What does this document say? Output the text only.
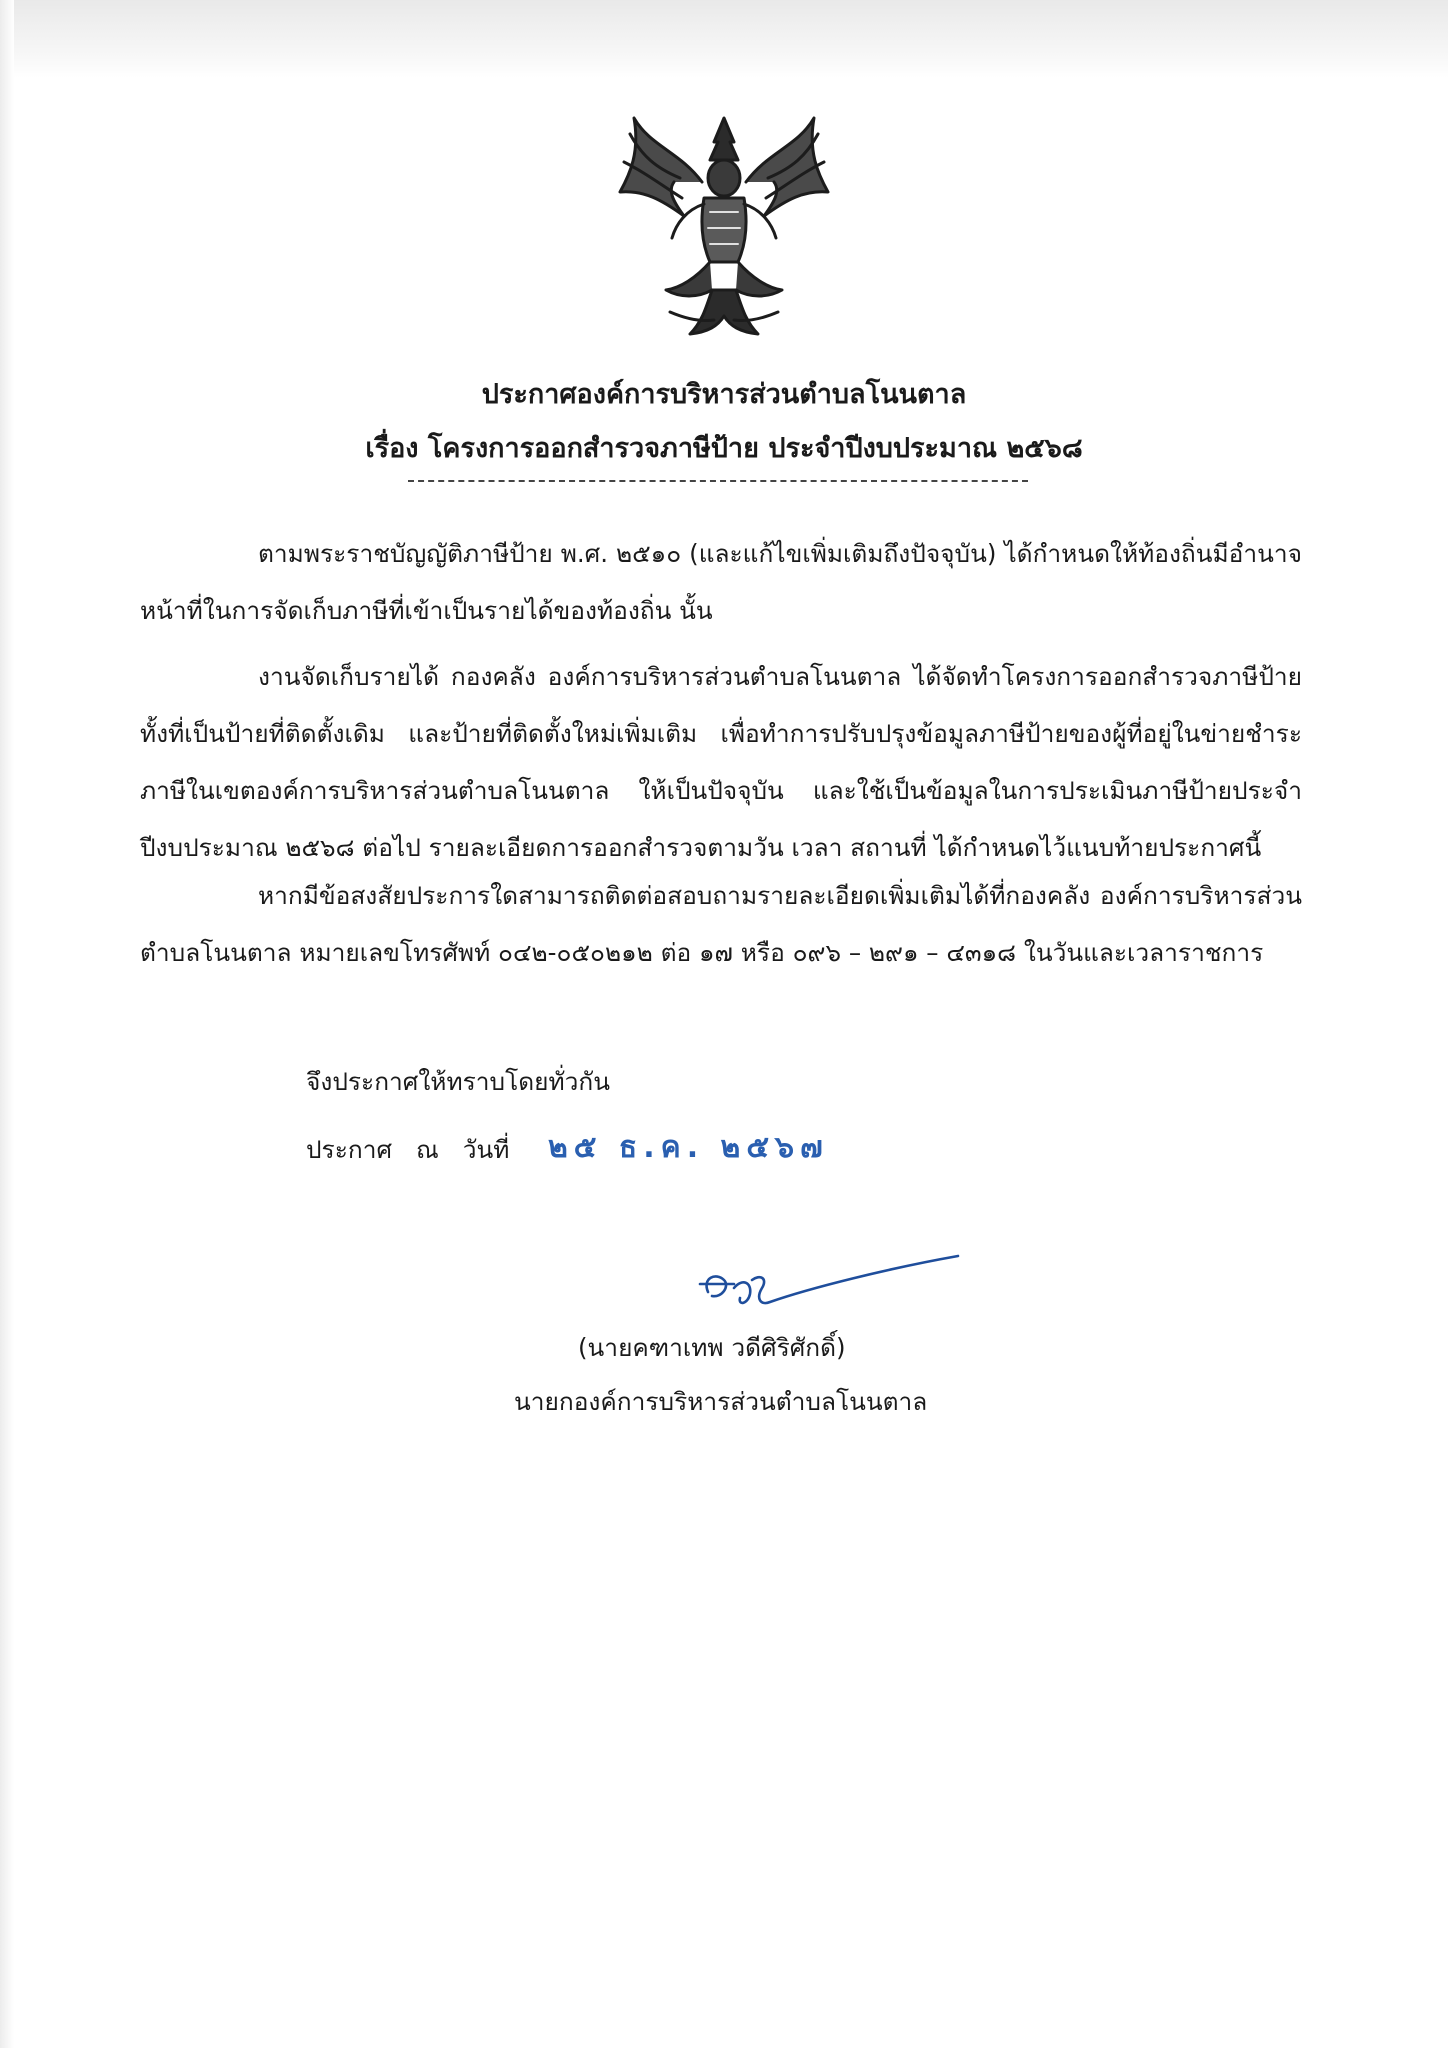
ประกาศองค์การบริหารส่วนตำบลโนนตาล
เรื่อง โครงการออกสำรวจภาษีป้าย ประจำปีงบประมาณ ๒๕๖๘

ตามพระราชบัญญัติภาษีป้าย พ.ศ. ๒๕๑๐ (และแก้ไขเพิ่มเติมถึงปัจจุบัน) ได้กำหนดให้ท้องถิ่นมีอำนาจหน้าที่ในการจัดเก็บภาษีที่เข้าเป็นรายได้ของท้องถิ่น นั้น

งานจัดเก็บรายได้ กองคลัง องค์การบริหารส่วนตำบลโนนตาล ได้จัดทำโครงการออกสำรวจภาษีป้าย ทั้งที่เป็นป้ายที่ติดตั้งเดิม และป้ายที่ติดตั้งใหม่เพิ่มเติม เพื่อทำการปรับปรุงข้อมูลภาษีป้ายของผู้ที่อยู่ในข่ายชำระภาษีในเขตองค์การบริหารส่วนตำบลโนนตาล ให้เป็นปัจจุบัน และใช้เป็นข้อมูลในการประเมินภาษีป้ายประจำปีงบประมาณ ๒๕๖๘ ต่อไป รายละเอียดการออกสำรวจตามวัน เวลา สถานที่ ได้กำหนดไว้แนบท้ายประกาศนี้

หากมีข้อสงสัยประการใดสามารถติดต่อสอบถามรายละเอียดเพิ่มเติมได้ที่กองคลัง องค์การบริหารส่วนตำบลโนนตาล หมายเลขโทรศัพท์ ๐๔๒-๐๕๐๒๑๒ ต่อ ๑๗ หรือ ๐๙๖ – ๒๙๑ – ๔๓๑๘ ในวันและเวลาราชการ

จึงประกาศให้ทราบโดยทั่วกัน
ประกาศ ณ วันที่	๒๕ ธ.ค. ๒๕๖๗
(นายคฑาเทพ วดีศิริศักดิ์)
นายกองค์การบริหารส่วนตำบลโนนตาล
